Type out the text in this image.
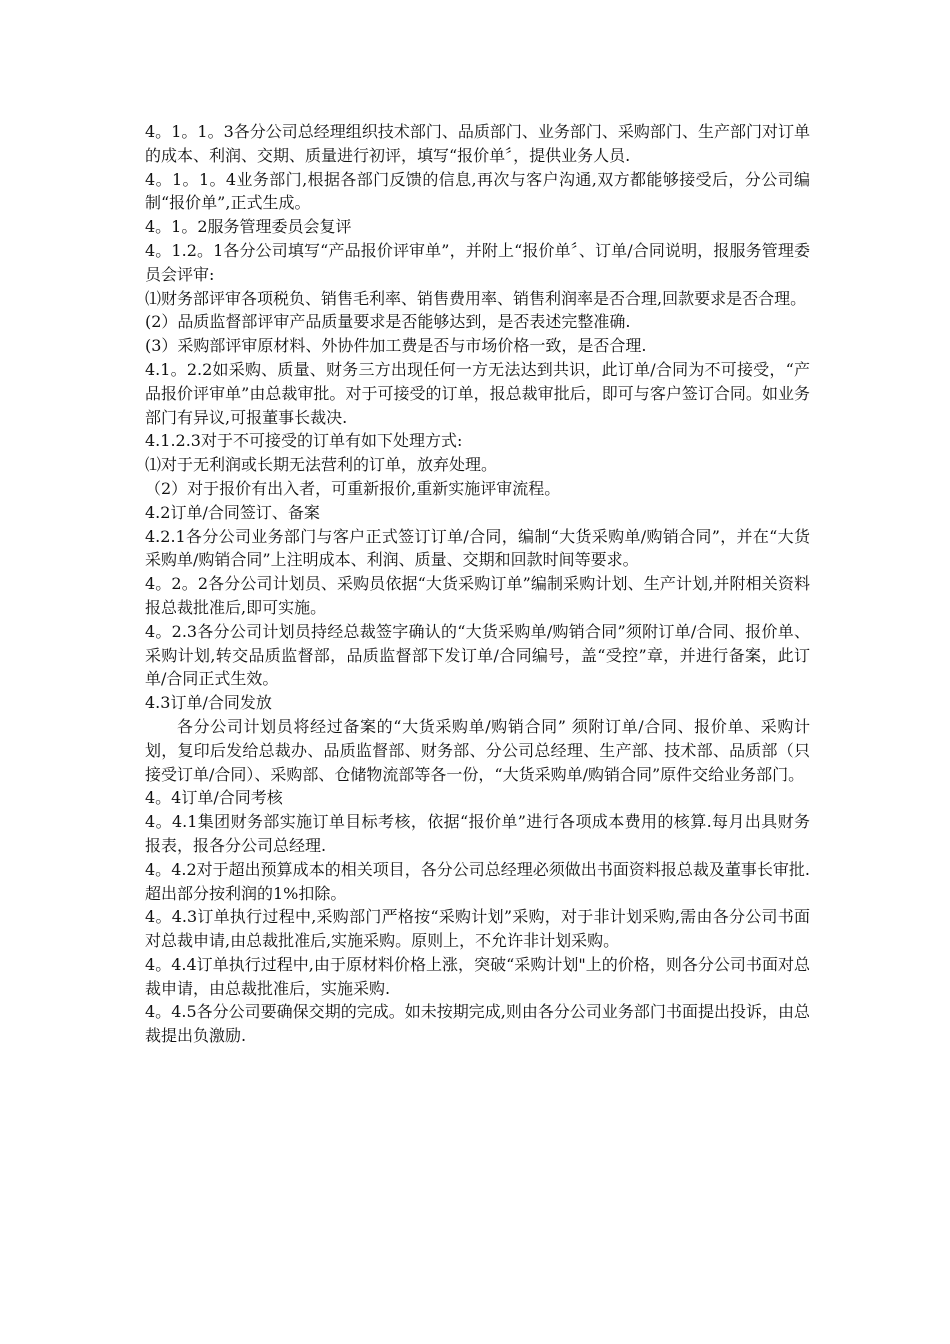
4。1。1。3各分公司总经理组织技术部门、品质部门、业务部门、采购部门、生产部门对订单的成本、利润、交期、质量进行初评，填写“报价单〞，提供业务人员.

4。1。1。4业务部门,根据各部门反馈的信息,再次与客户沟通,双方都能够接受后，分公司编制“报价单”,正式生成。

4。1。2服务管理委员会复评

4。1.2。1各分公司填写“产品报价评审单”，并附上“报价单〞、订单/合同说明，报服务管理委员会评审:

⑴财务部评审各项税负、销售毛利率、销售费用率、销售利润率是否合理,回款要求是否合理。

(2）品质监督部评审产品质量要求是否能够达到，是否表述完整准确.

(3）采购部评审原材料、外协件加工费是否与市场价格一致，是否合理.

4.1。2.2如采购、质量、财务三方出现任何一方无法达到共识，此订单/合同为不可接受，“产品报价评审单”由总裁审批。对于可接受的订单，报总裁审批后，即可与客户签订合同。如业务部门有异议,可报董事长裁决.

4.1.2.3对于不可接受的订单有如下处理方式:

⑴对于无利润或长期无法营利的订单，放弃处理。

（2）对于报价有出入者，可重新报价,重新实施评审流程。

4.2订单/合同签订、备案

4.2.1各分公司业务部门与客户正式签订订单/合同，编制“大货采购单/购销合同”，并在“大货采购单/购销合同”上注明成本、利润、质量、交期和回款时间等要求。

4。2。2各分公司计划员、采购员依据“大货采购订单”编制采购计划、生产计划,并附相关资料报总裁批准后,即可实施。

4。2.3各分公司计划员持经总裁签字确认的“大货采购单/购销合同”须附订单/合同、报价单、采购计划,转交品质监督部，品质监督部下发订单/合同编号，盖“受控”章，并进行备案，此订单/合同正式生效。

4.3订单/合同发放

各分公司计划员将经过备案的“大货采购单/购销合同” 须附订单/合同、报价单、采购计划，复印后发给总裁办、品质监督部、财务部、分公司总经理、生产部、技术部、品质部（只接受订单/合同）、采购部、仓储物流部等各一份，“大货采购单/购销合同”原件交给业务部门。

4。4订单/合同考核

4。4.1集团财务部实施订单目标考核，依据“报价单”进行各项成本费用的核算.每月出具财务报表，报各分公司总经理.

4。4.2对于超出预算成本的相关项目，各分公司总经理必须做出书面资料报总裁及董事长审批.超出部分按利润的1%扣除。

4。4.3订单执行过程中,采购部门严格按“采购计划”采购，对于非计划采购,需由各分公司书面对总裁申请,由总裁批准后,实施采购。原则上，不允许非计划采购。

4。4.4订单执行过程中,由于原材料价格上涨，突破“采购计划"上的价格，则各分公司书面对总裁申请，由总裁批准后，实施采购.

4。4.5各分公司要确保交期的完成。如未按期完成,则由各分公司业务部门书面提出投诉，由总裁提出负激励.
